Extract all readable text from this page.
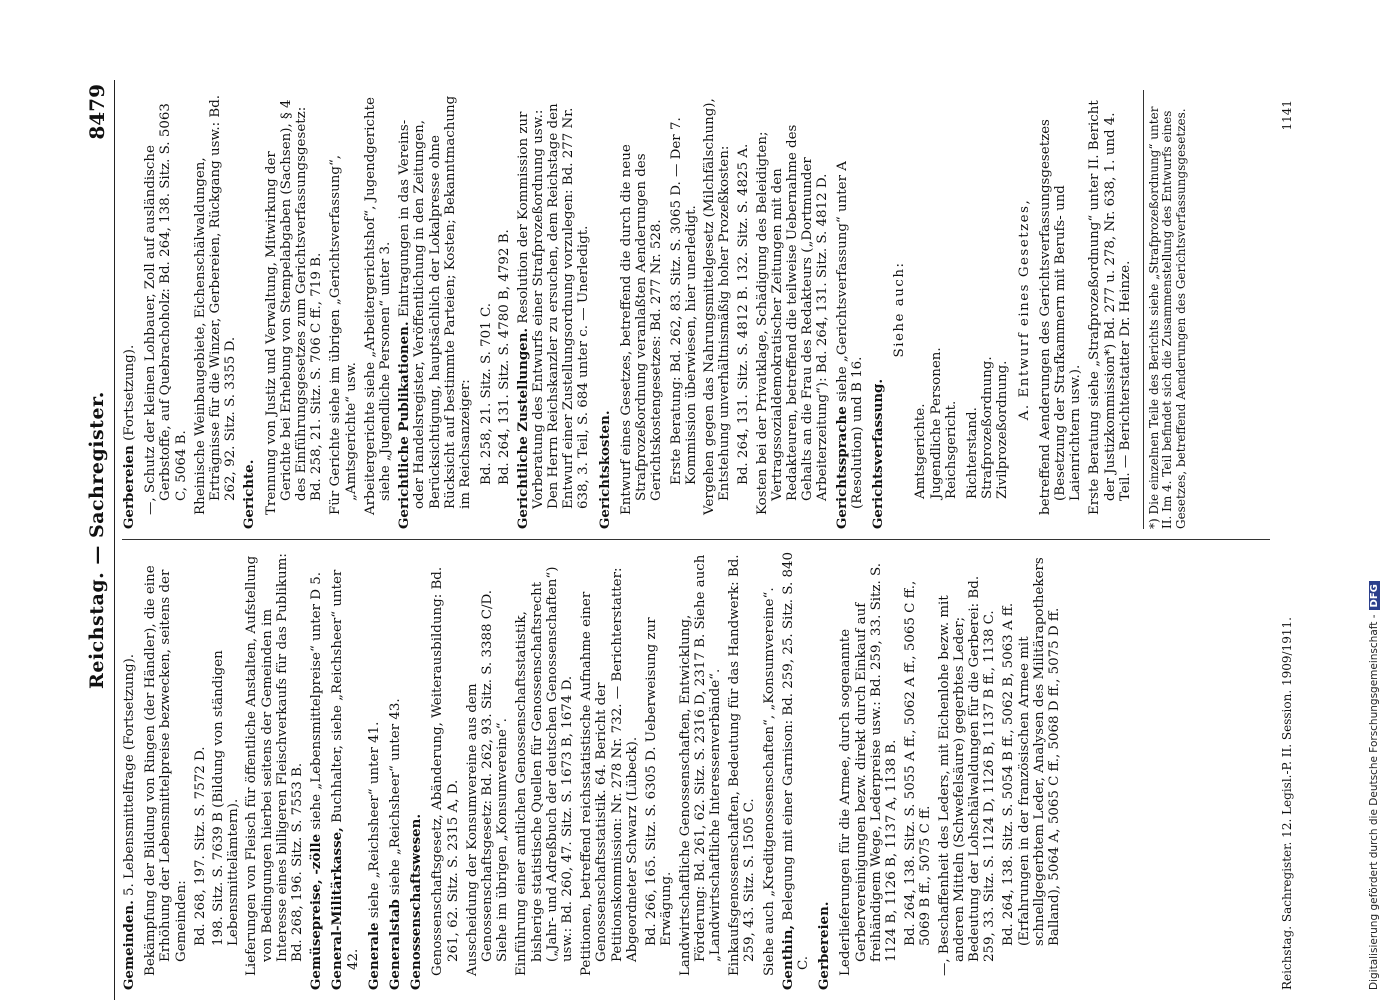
Reichstag. — Sachregister.
8479
Gemeinden. 5. Lebensmittelfrage (Fortsetzung). Bekämpfung der Bildung von Ringen (der Händler), die eine Erhöhung der Lebensmittelpreise bezwecken, seitens der Gemeinden: Bd. 268, 197. Sitz. S. 7572 D. 198. Sitz. S. 7639 B (Bildung von ständigen Lebensmittelämtern). Lieferungen von Fleisch für öffentliche Anstalten, Aufstellung von Bedingungen hierbei seitens der Gemeinden im Interesse eines billigeren Fleischverkaufs für das Publikum: Bd. 268, 196. Sitz. S. 7553 B. Gemüsepreise, -zölle siehe „Lebensmittelpreise“ unter D 5.
General-Militärkasse, Buchhalter, siehe „Reichsheer“ unter 42. Generale siehe „Reichsheer“ unter 41.
Generalstab siehe „Reichsheer“ unter 43.
Genossenschaftswesen. Genossenschaftsgesetz, Abänderung, Weiterausbildung: Bd. 261, 62. Sitz. S. 2315 A, D. Ausscheidung der Konsumvereine aus dem Genossenschaftsgesetz: Bd. 262, 93. Sitz. S. 3388 C/D. Siehe im übrigen „Konsumvereine“. Einführung einer amtlichen Genossenschaftsstatistik, bisherige statistische Quellen für Genossenschaftsrecht („Jahr- und Adreßbuch der deutschen Genossenschaften“) usw.: Bd. 260, 47. Sitz. S. 1673 B, 1674 D. Petitionen, betreffend reichsstatistische Aufnahme einer Genossenschaftsstatistik. 64. Bericht der Petitionskommission: Nr. 278 Nr. 732. — Berichterstatter: Abgeordneter Schwarz (Lübeck). Bd. 266, 165. Sitz. S. 6305 D. Ueberweisung zur Erwägung. Landwirtschaftliche Genossenschaften, Entwicklung, Förderung: Bd. 261, 62. Sitz. S. 2316 D, 2317 B. Siehe auch „Landwirtschaftliche Interessenverbände“. Einkaufsgenossenschaften, Bedeutung für das Handwerk: Bd. 259, 43. Sitz. S. 1505 C. Siehe auch „Kreditgenossenschaften“, „Konsumvereine“. Genthin, Belegung mit einer Garnison: Bd. 259, 25. Sitz. S. 840 C. Gerbereien. Lederlieferungen für die Armee, durch sogenannte Gerbervereinigungen bezw. direkt durch Einkauf auf freihändigem Wege, Lederpreise usw.: Bd. 259, 33. Sitz. S. 1124 B, 1126 B, 1137 A, 1138 B. Bd. 264, 138. Sitz. S. 5055 A ff., 5062 A ff., 5065 C ff., 5069 B ff., 5075 C ff. —, Beschaffenheit des Leders, mit Eichenlohe bezw. mit anderen Mitteln (Schwefelsäure) gegerbtes Leder; Bedeutung der Lohschälwaldungen für die Gerberei: Bd. 259, 33. Sitz. S. 1124 D, 1126 B, 1137 B ff., 1138 C. Bd. 264, 138. Sitz. S. 5054 B ff., 5062 B, 5063 A ff. (Erfahrungen in der französischen Armee mit schnellgegerbtem Leder, Analysen des Militärapothekers Balland), 5064 A, 5065 C ff., 5068 D ff., 5075 D ff.
Gerbereien (Fortsetzung). —, Schutz der kleinen Lohbauer, Zoll auf ausländische Gerbstoffe, auf Quebrachoholz: Bd. 264, 138. Sitz. S. 5063 C, 5064 B. Rheinische Weinbaugebiete, Eichenschälwaldungen, Erträgnisse für die Winzer, Gerbereien, Rückgang usw.: Bd. 262, 92. Sitz. S. 3355 D. Gerichte. Trennung von Justiz und Verwaltung, Mitwirkung der Gerichte bei Erhebung von Stempelabgaben (Sachsen), § 4 des Einführungsgesetzes zum Gerichtsverfassungsgesetz: Bd. 258, 21. Sitz. S. 706 C ff., 719 B. Für Gerichte siehe im übrigen „Gerichtsverfassung“, „Amtsgerichte“ usw. Arbeitergerichte siehe „Arbeitergerichtshof“, Jugendgerichte siehe „Jugendliche Personen“ unter 3. Gerichtliche Publikationen. Eintragungen in das Vereins- oder Handelsregister, Veröffentlichung in den Zeitungen, Berücksichtigung, hauptsächlich der Lokalpresse ohne Rücksicht auf bestimmte Parteien; Kosten; Bekanntmachung im Reichsanzeiger: Bd. 258, 21. Sitz. S. 701 C. Bd. 264, 131. Sitz. S. 4780 B, 4792 B. Gerichtliche Zustellungen. Resolution der Kommission zur Vorberatung des Entwurfs einer Strafprozeßordnung usw.: Den Herrn Reichskanzler zu ersuchen, dem Reichstage den Entwurf einer Zustellungsordnung vorzulegen: Bd. 277 Nr. 638, 3. Teil, S. 684 unter c. — Unerledigt. Gerichtskosten. Entwurf eines Gesetzes, betreffend die durch die neue Strafprozeßordnung veranlaßten Aenderungen des Gerichtskostengesetzes: Bd. 277 Nr. 528. Erste Beratung: Bd. 262, 83. Sitz. S. 3065 D. — Der 7. Kommission überwiesen, hier unerledigt. Vergehen gegen das Nahrungsmittelgesetz (Milchfälschung), Entstehung unverhältnismäßig hoher Prozeßkosten: Bd. 264, 131. Sitz. S. 4812 B. 132. Sitz. S. 4825 A. Kosten bei der Privatklage, Schädigung des Beleidigten; Vertragssozialdemokratischer Zeitungen mit den Redakteuren, betreffend die teilweise Uebernahme des Gehalts an die Frau des Redakteurs („Dortmunder Arbeiterzeitung“): Bd. 264, 131. Sitz. S. 4812 D. Gerichtssprache siehe „Gerichtsverfassung“ unter A (Resolution) und B 16. Gerichtsverfassung.
Siehe auch:
Amtsgerichte. Jugendliche Personen. Reichsgericht. Richterstand. Strafprozeßordnung. Zivilprozeßordnung.
A. Entwurf eines Gesetzes, betreffend Aenderungen des Gerichtsverfassungsgesetzes (Besetzung der Strafkammern mit Berufs- und Laienrichtern usw.). Erste Beratung siehe „Strafprozeßordnung“ unter II. Bericht der Justizkommission*) Bd. 277 u. 278, Nr. 638, 1. und 4. Teil. — Berichterstatter Dr. Heinze.	*) Die einzelnen Teile des Berichts siehe „Strafprozeßordnung“ unter II. Im 4. Teil befindet sich die Zusammenstellung des Entwurfs eines Gesetzes, betreffend Aenderungen des Gerichtsverfassungsgesetzes.
Reichstag. Sachregister. 12. Legisl.-P. II. Session. 1909/1911.
1141
Digitalisierung gefördert durch die Deutsche Forschungsgemeinschaft -DFG
